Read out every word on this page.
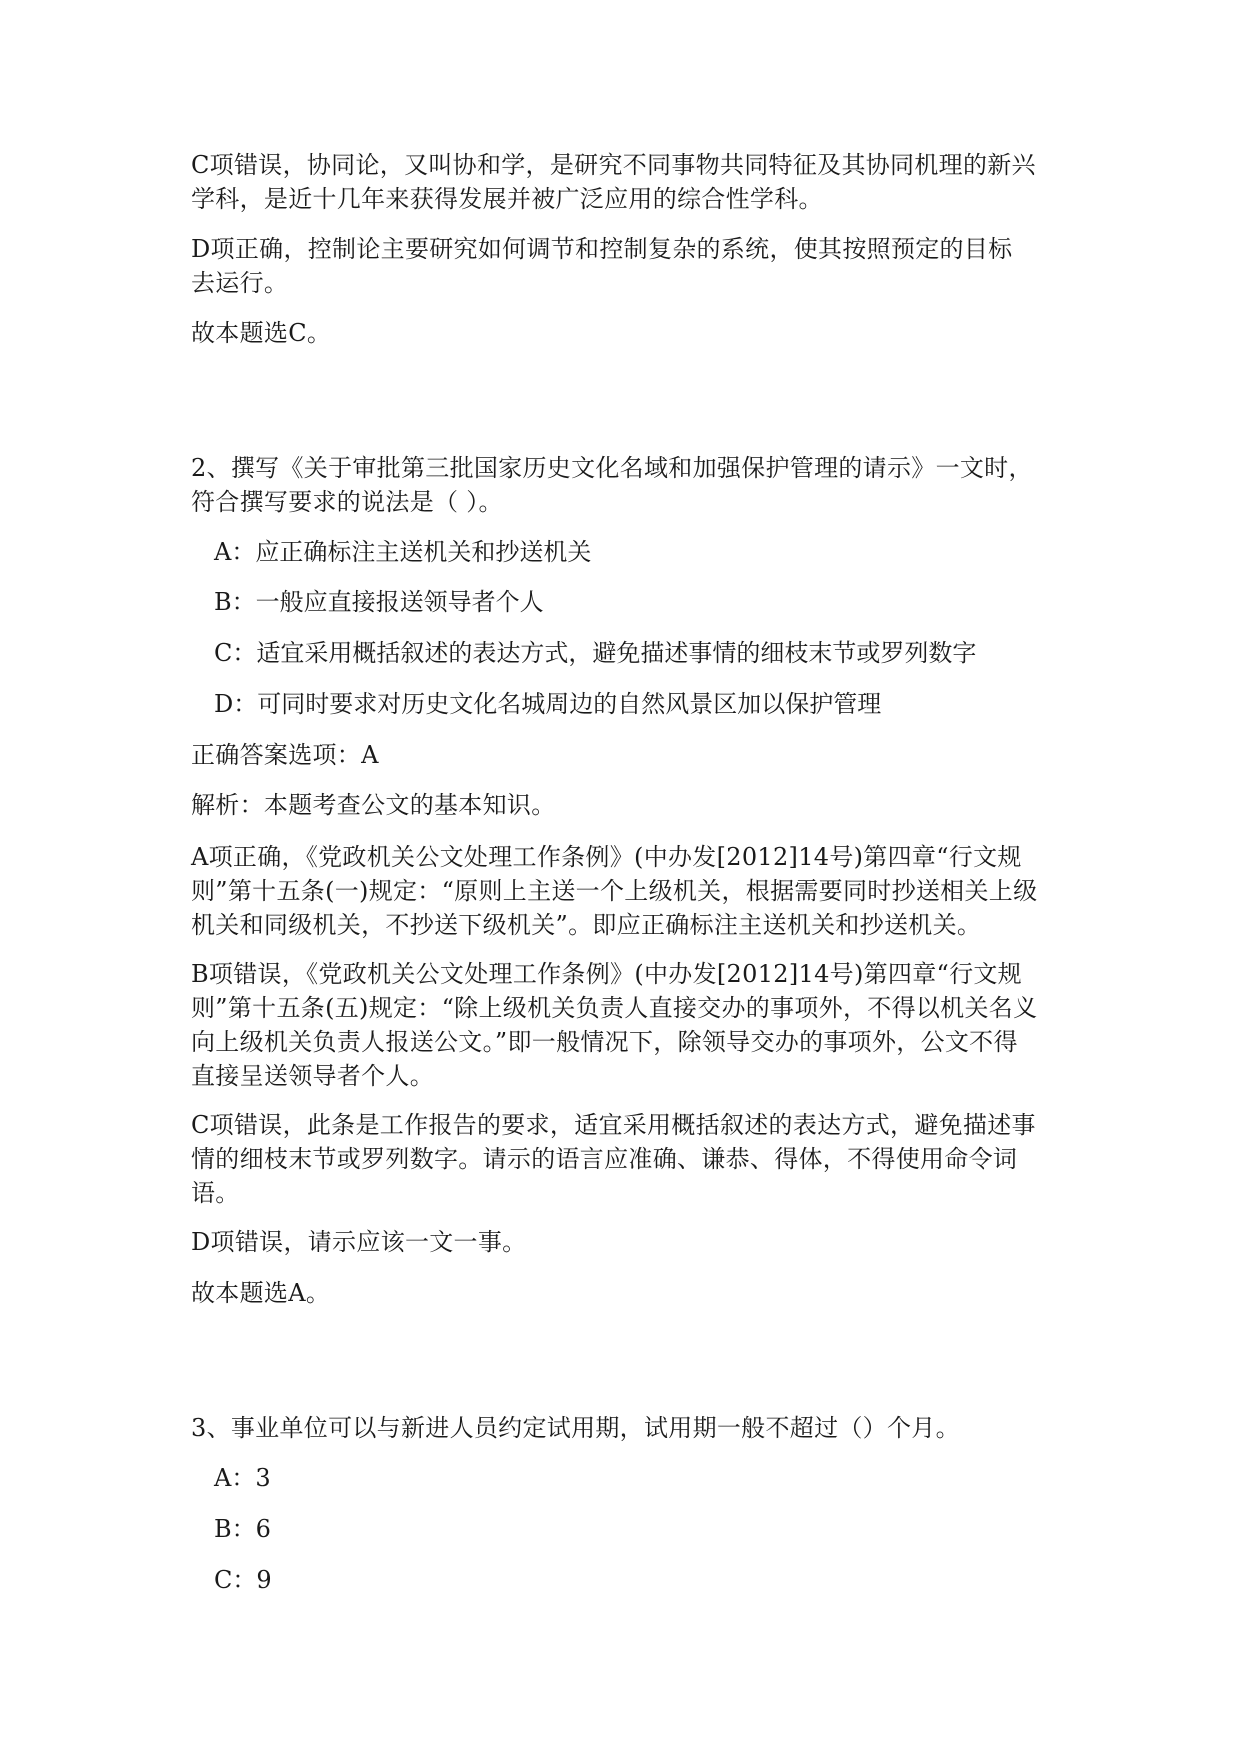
C项错误，协同论，又叫协和学，是研究不同事物共同特征及其协同机理的新兴

学科，是近十几年来获得发展并被广泛应用的综合性学科。

D项正确，控制论主要研究如何调节和控制复杂的系统，使其按照预定的目标

去运行。

故本题选C。

2、撰写《关于审批第三批国家历史文化名域和加强保护管理的请示》一文时，

符合撰写要求的说法是（ ）。

A：应正确标注主送机关和抄送机关
B：一般应直接报送领导者个人
C：适宜采用概括叙述的表达方式，避免描述事情的细枝末节或罗列数字
D：可同时要求对历史文化名城周边的自然风景区加以保护管理
正确答案选项：A
解析：本题考查公文的基本知识。

A项正确，《党政机关公文处理工作条例》(中办发[2012]14号)第四章“行文规

则”第十五条(一)规定：“原则上主送一个上级机关，根据需要同时抄送相关上级

机关和同级机关，不抄送下级机关”。即应正确标注主送机关和抄送机关。

B项错误，《党政机关公文处理工作条例》(中办发[2012]14号)第四章“行文规

则”第十五条(五)规定：“除上级机关负责人直接交办的事项外，不得以机关名义

向上级机关负责人报送公文。”即一般情况下，除领导交办的事项外，公文不得

直接呈送领导者个人。

C项错误，此条是工作报告的要求，适宜采用概括叙述的表达方式，避免描述事

情的细枝末节或罗列数字。请示的语言应准确、谦恭、得体，不得使用命令词

语。

D项错误，请示应该一文一事。
故本题选A。
3、事业单位可以与新进人员约定试用期，试用期一般不超过（）个月。
A：3
B：6
C：9
